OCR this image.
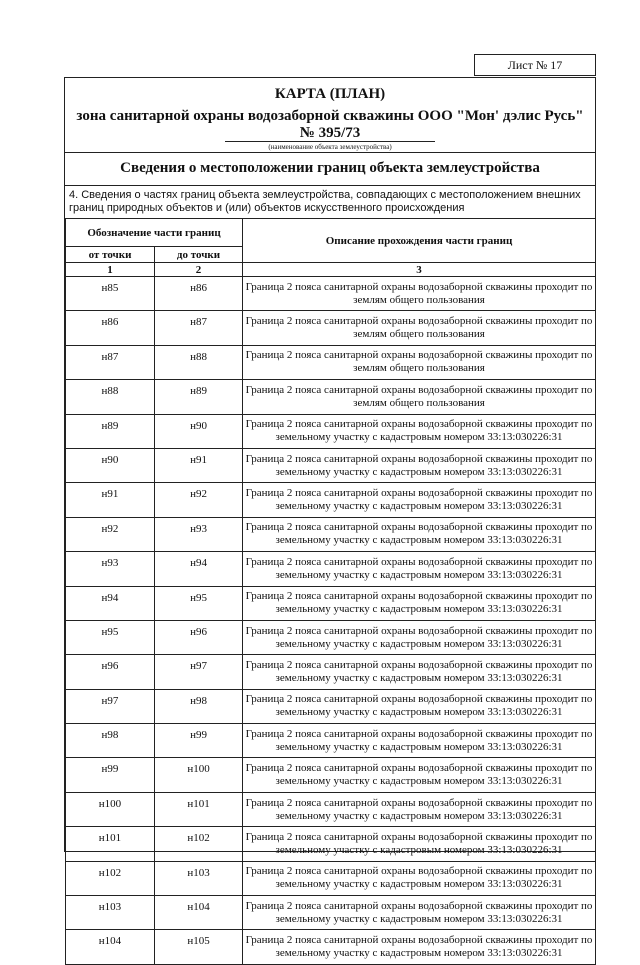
Лист № 17
КАРТА (ПЛАН)
зона санитарной охраны водозаборной скважины ООО "Мон' дэлис Русь" № 395/73
(наименование объекта землеустройства)
Сведения о местоположении границ объекта землеустройства
4. Сведения о частях границ объекта землеустройства, совпадающих с местоположением внешних границ природных объектов и (или) объектов искусственного происхождения
Обозначение части границ		Описание прохождения части границ
от точки	до точки	
1	2	3
н85	н86	Граница 2 пояса санитарной охраны водозаборной скважины проходит по землям общего пользования
н86	н87	Граница 2 пояса санитарной охраны водозаборной скважины проходит по землям общего пользования
н87	н88	Граница 2 пояса санитарной охраны водозаборной скважины проходит по землям общего пользования
н88	н89	Граница 2 пояса санитарной охраны водозаборной скважины проходит по землям общего пользования
н89	н90	Граница 2 пояса санитарной охраны водозаборной скважины проходит по земельному участку с кадастровым номером 33:13:030226:31
н90	н91	Граница 2 пояса санитарной охраны водозаборной скважины проходит по земельному участку с кадастровым номером 33:13:030226:31
н91	н92	Граница 2 пояса санитарной охраны водозаборной скважины проходит по земельному участку с кадастровым номером 33:13:030226:31
н92	н93	Граница 2 пояса санитарной охраны водозаборной скважины проходит по земельному участку с кадастровым номером 33:13:030226:31
н93	н94	Граница 2 пояса санитарной охраны водозаборной скважины проходит по земельному участку с кадастровым номером 33:13:030226:31
н94	н95	Граница 2 пояса санитарной охраны водозаборной скважины проходит по земельному участку с кадастровым номером 33:13:030226:31
н95	н96	Граница 2 пояса санитарной охраны водозаборной скважины проходит по земельному участку с кадастровым номером 33:13:030226:31
н96	н97	Граница 2 пояса санитарной охраны водозаборной скважины проходит по земельному участку с кадастровым номером 33:13:030226:31
н97	н98	Граница 2 пояса санитарной охраны водозаборной скважины проходит по земельному участку с кадастровым номером 33:13:030226:31
н98	н99	Граница 2 пояса санитарной охраны водозаборной скважины проходит по земельному участку с кадастровым номером 33:13:030226:31
н99	н100	Граница 2 пояса санитарной охраны водозаборной скважины проходит по земельному участку с кадастровым номером 33:13:030226:31
н100	н101	Граница 2 пояса санитарной охраны водозаборной скважины проходит по земельному участку с кадастровым номером 33:13:030226:31
н101	н102	Граница 2 пояса санитарной охраны водозаборной скважины проходит по земельному участку с кадастровым номером 33:13:030226:31
н102	н103	Граница 2 пояса санитарной охраны водозаборной скважины проходит по земельному участку с кадастровым номером 33:13:030226:31
н103	н104	Граница 2 пояса санитарной охраны водозаборной скважины проходит по земельному участку с кадастровым номером 33:13:030226:31
н104	н105	Граница 2 пояса санитарной охраны водозаборной скважины проходит по земельному участку с кадастровым номером 33:13:030226:31
